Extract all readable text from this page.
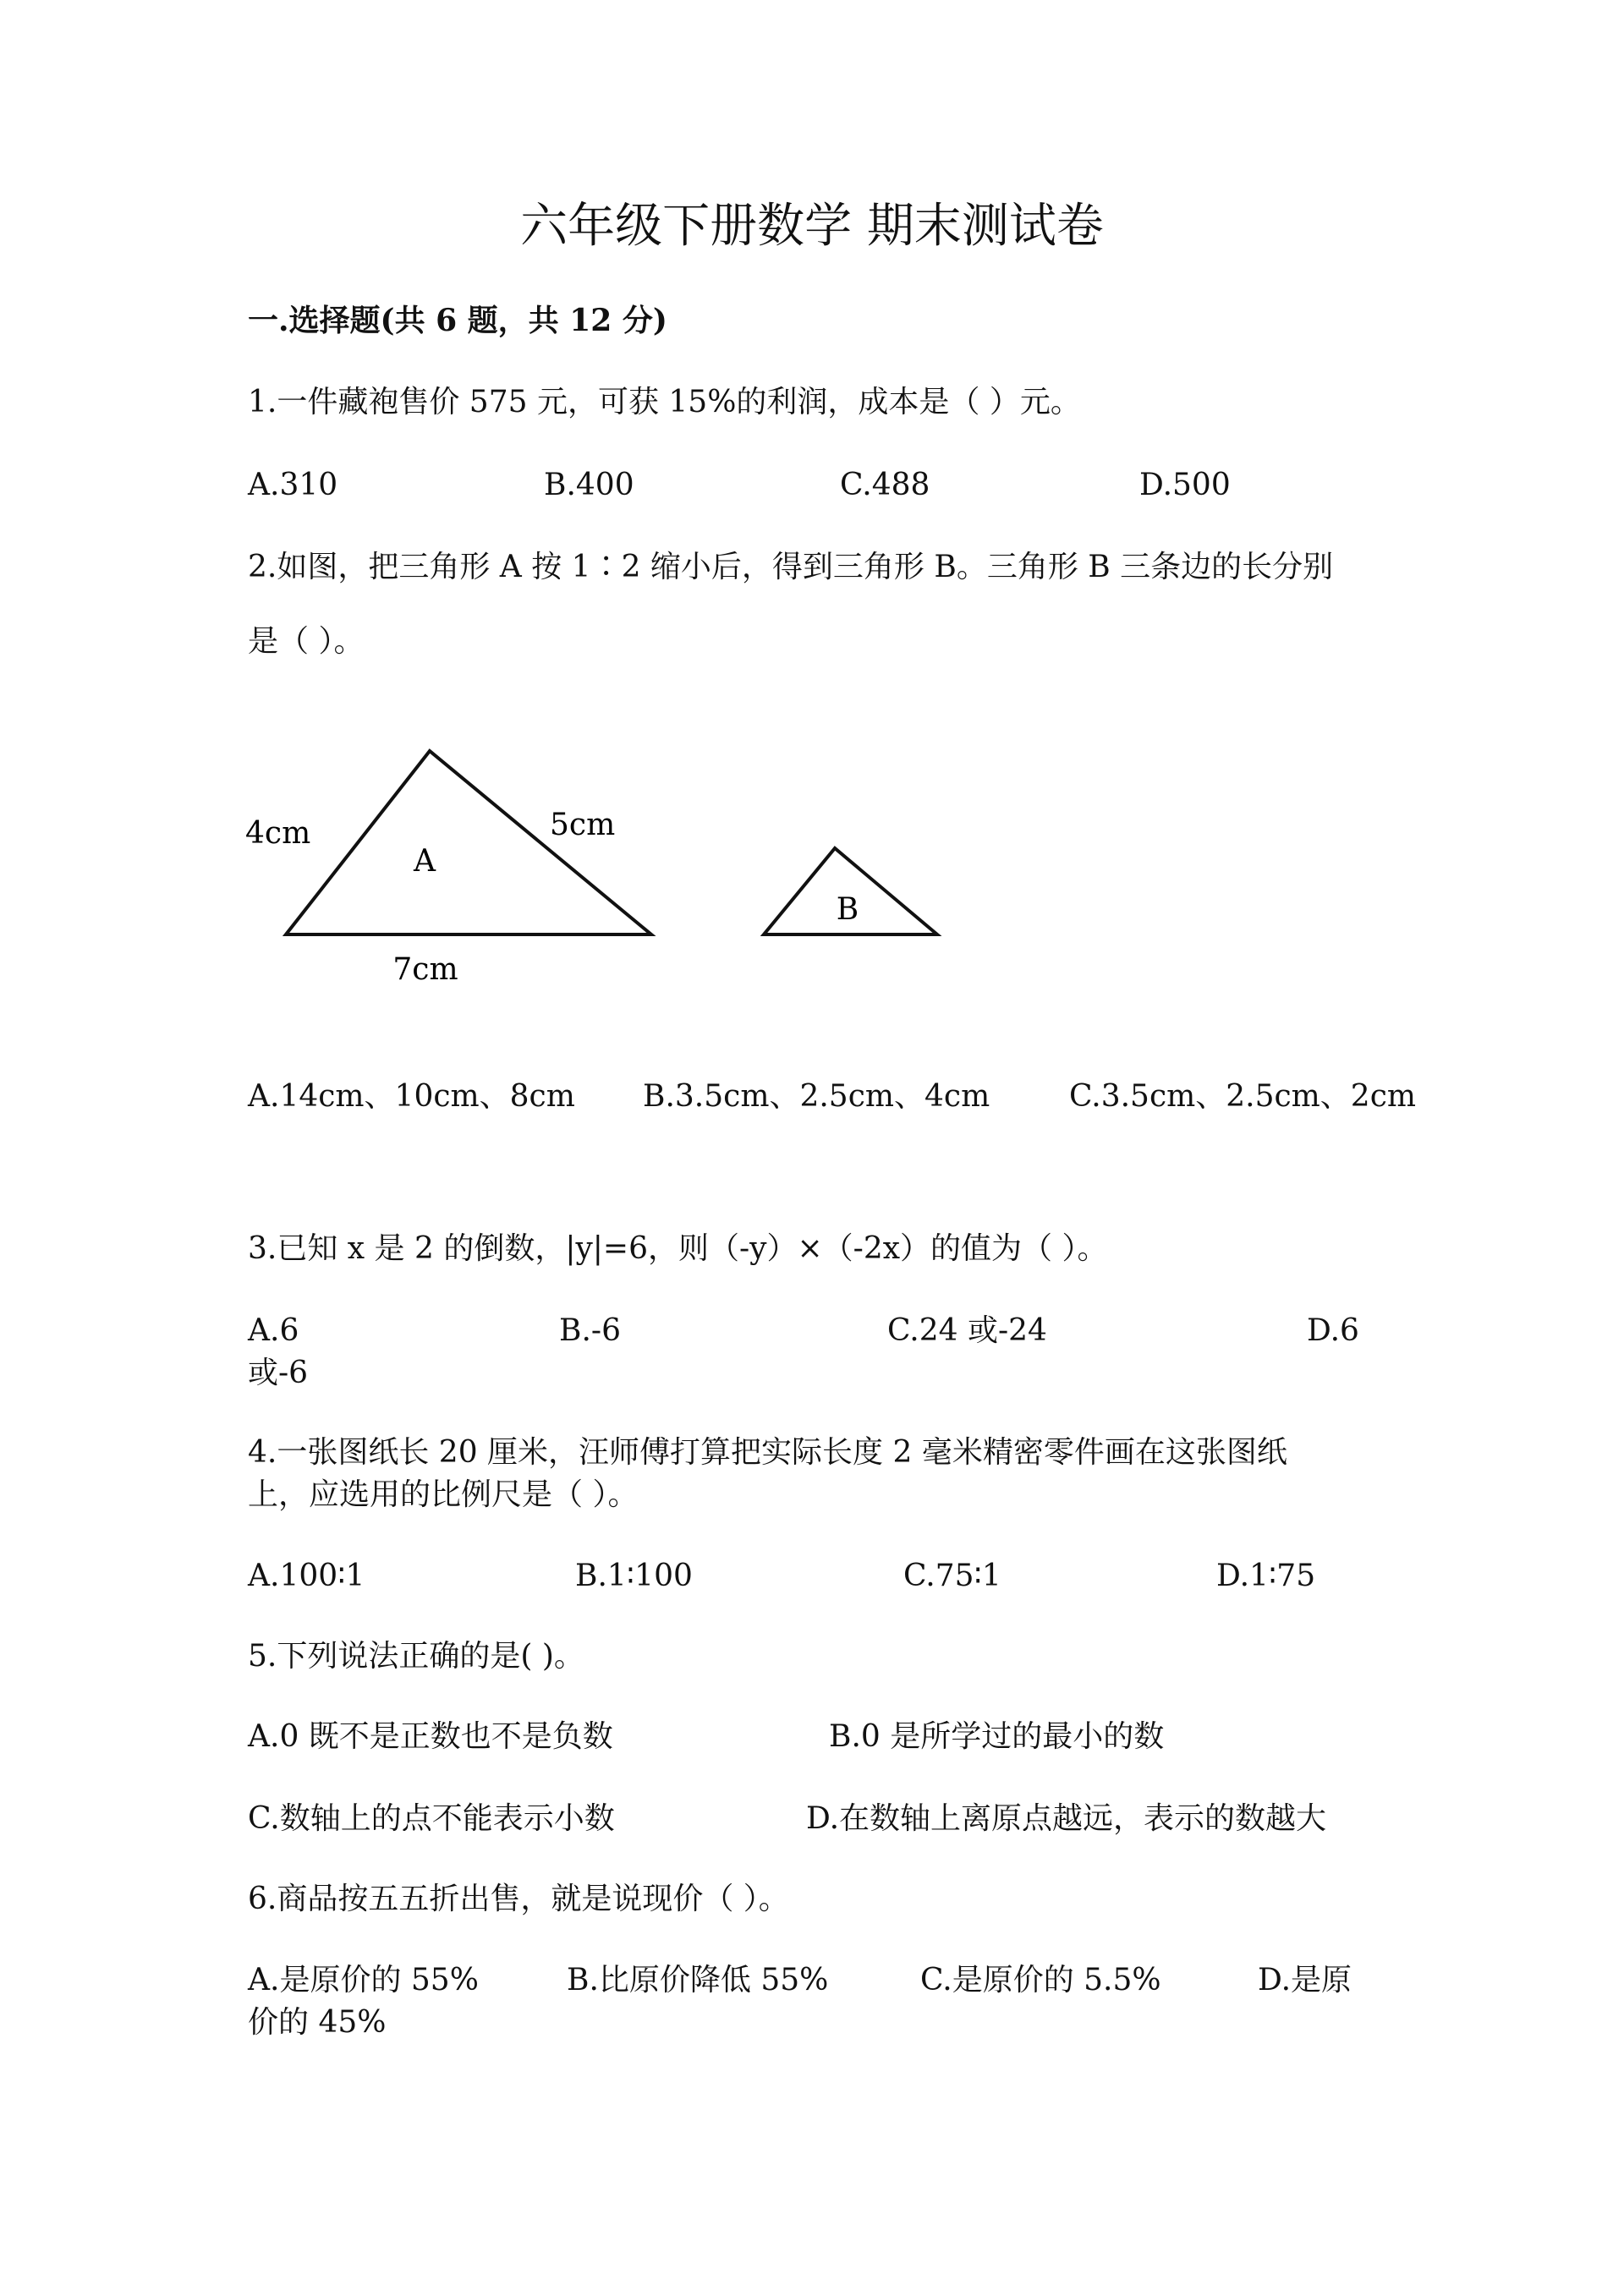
六年级下册数学 期末测试卷
一.选择题(共 6 题，共 12 分)
1.一件藏袍售价 575 元，可获 15%的利润，成本是（ ）元。
A.310	B.400	C.488	D.500
2.如图，把三角形 A 按 1∶2 缩小后，得到三角形 B。三角形 B 三条边的长分别
是（ ）。
4cm	5cm
A
7cm
B
A.14cm、10cm、8cm B.3.5cm、2.5cm、4cm	C.3.5cm、2.5cm、2cm
3.已知 x 是 2 的倒数，|y|=6，则（-y）×（-2x）的值为（ ）。
A.6	B.-6	C.24 或-24	D.6
或-6
4.一张图纸长 20 厘米，汪师傅打算把实际长度 2 毫米精密零件画在这张图纸
上，应选用的比例尺是（ ）。
A.100∶1	B.1∶100	C.75∶1	D.1∶75
5.下列说法正确的是( )。
A.0 既不是正数也不是负数	B.0 是所学过的最小的数
C.数轴上的点不能表示小数	D.在数轴上离原点越远，表示的数越大
6.商品按五五折出售，就是说现价（ ）。
A.是原价的 55%	B.比原价降低 55%	C.是原价的 5.5%	D.是原
价的 45%
